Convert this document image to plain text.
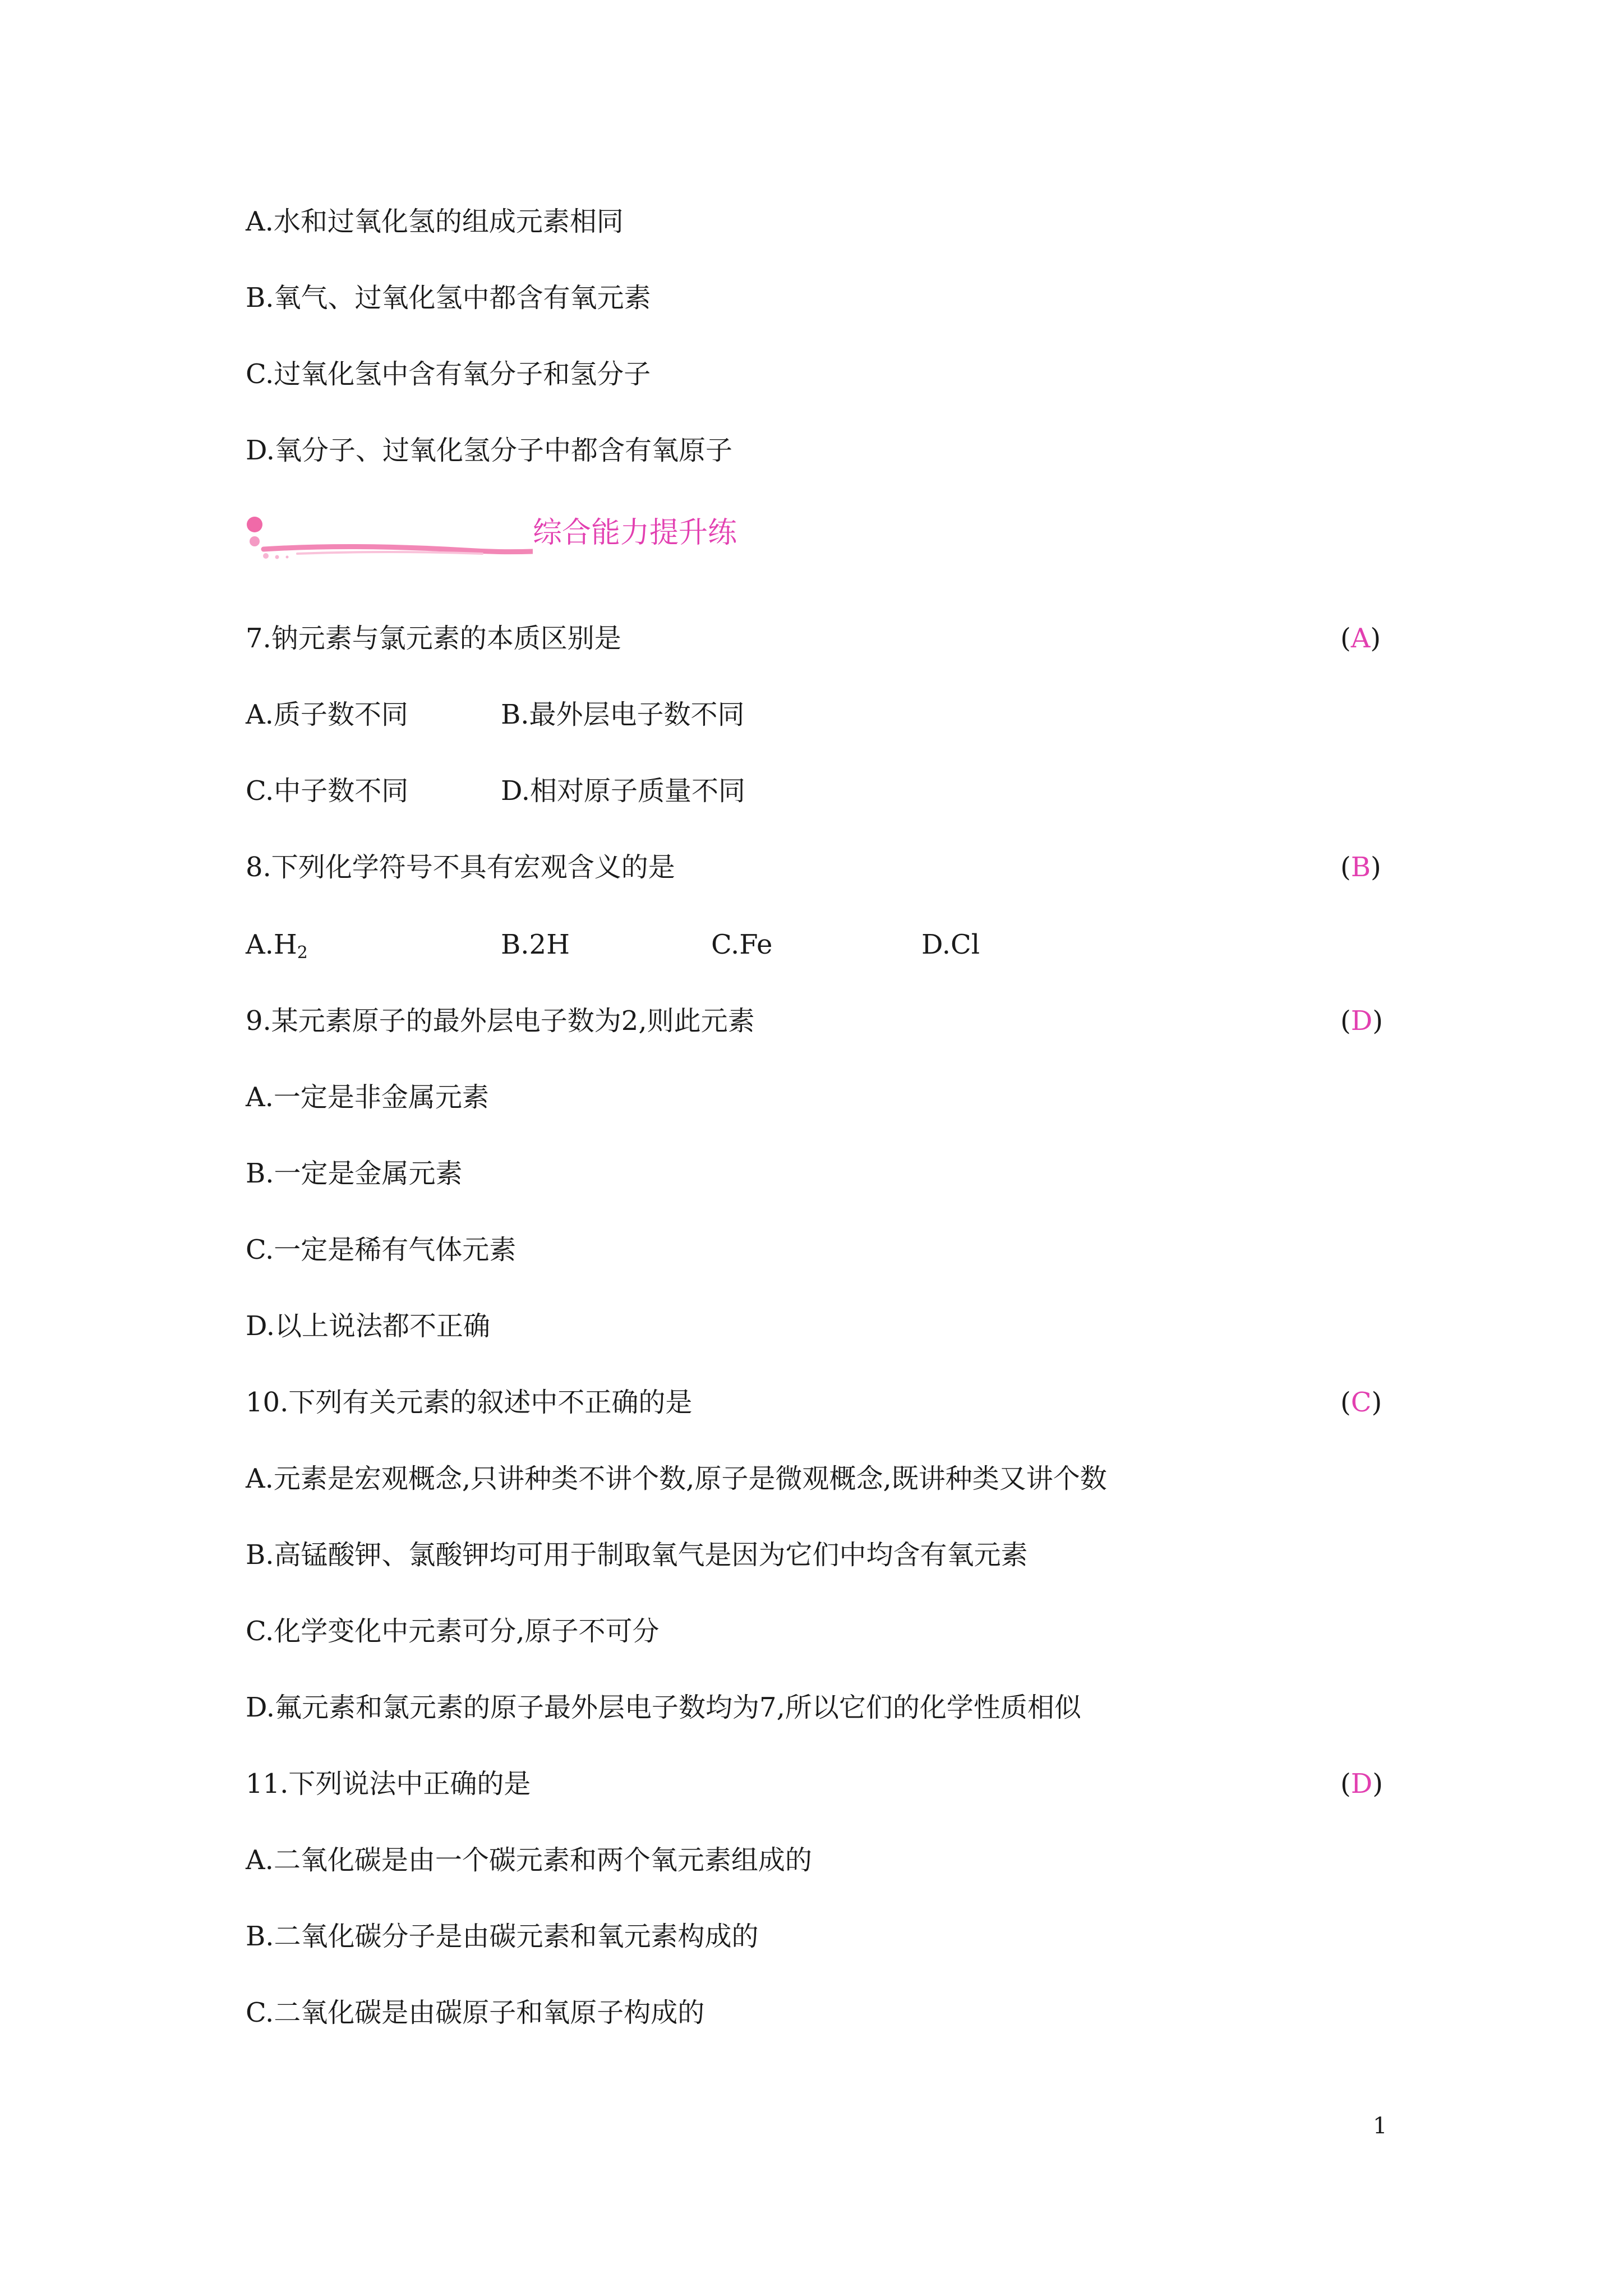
A.水和过氧化氢的组成元素相同
B.氧气、过氧化氢中都含有氧元素
C.过氧化氢中含有氧分子和氢分子
D.氧分子、过氧化氢分子中都含有氧原子
综合能力提升练
7.钠元素与氯元素的本质区别是	(A)
A.质子数不同	B.最外层电子数不同
C.中子数不同	D.相对原子质量不同
8.下列化学符号不具有宏观含义的是	(B)
$A.H_2$	B.2H	C.Fe	D.Cl
9.某元素原子的最外层电子数为2,则此元素	(D)
A.一定是非金属元素
B.一定是金属元素
C.一定是稀有气体元素
D.以上说法都不正确
10.下列有关元素的叙述中不正确的是	(C)
A.元素是宏观概念,只讲种类不讲个数,原子是微观概念,既讲种类又讲个数
B.高锰酸钾、氯酸钾均可用于制取氧气是因为它们中均含有氧元素
C.化学变化中元素可分,原子不可分
D.氟元素和氯元素的原子最外层电子数均为7,所以它们的化学性质相似
11.下列说法中正确的是	(D)
A.二氧化碳是由一个碳元素和两个氧元素组成的
B.二氧化碳分子是由碳元素和氧元素构成的
C.二氧化碳是由碳原子和氧原子构成的
1
